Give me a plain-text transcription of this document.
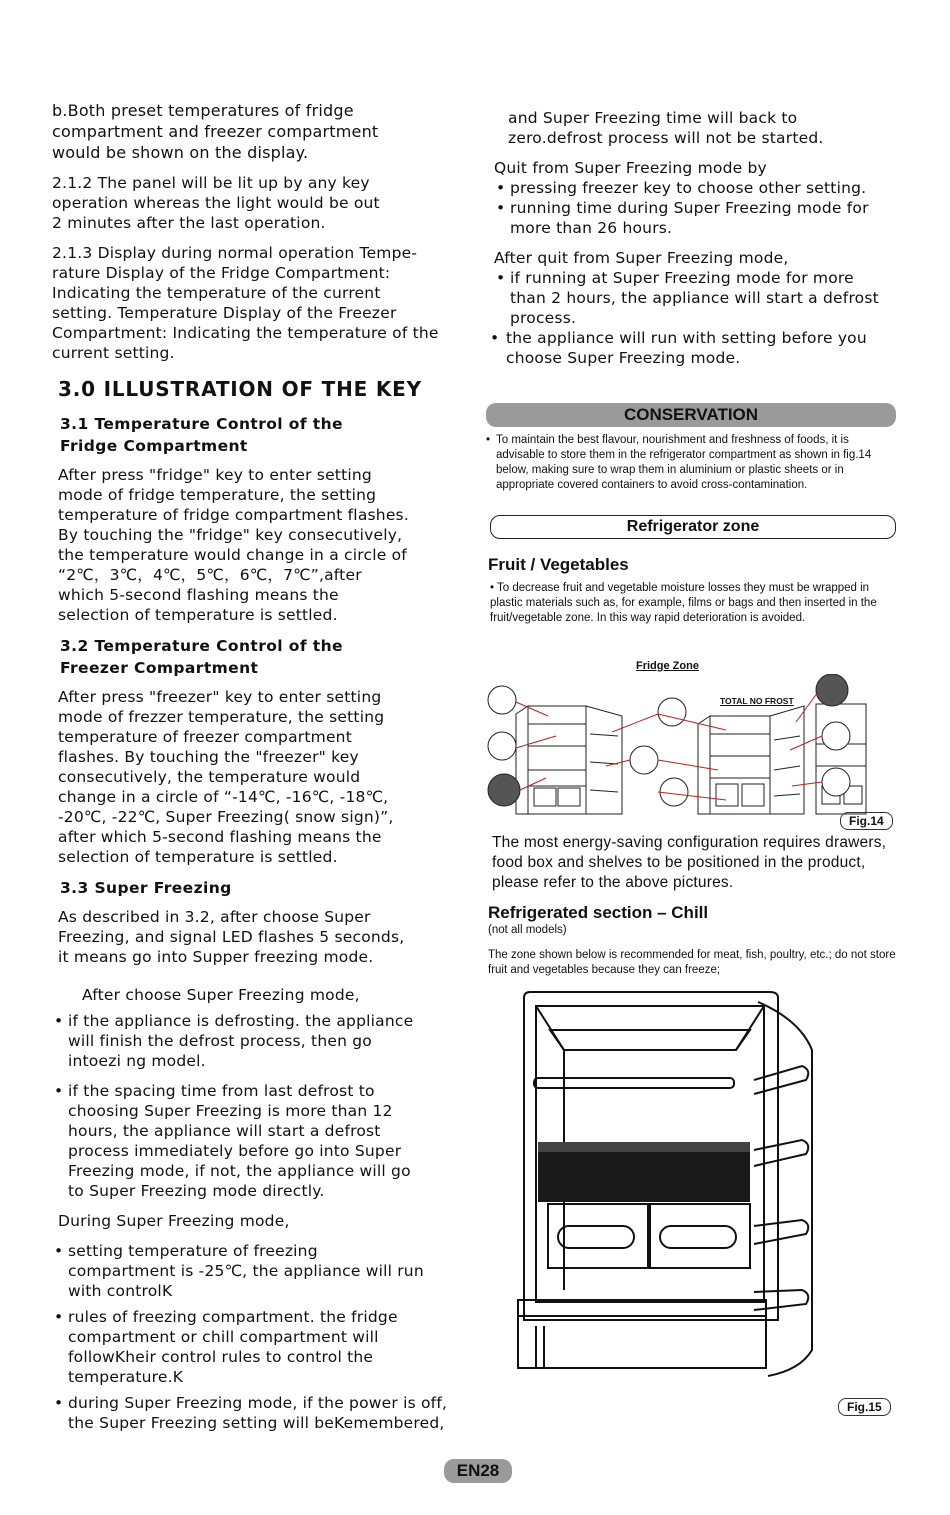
b.Both preset temperatures of fridge compartment and freezer compartment would be shown on the display.

2.1.2 The panel will be lit up by any key operation whereas the light would be out 2 minutes after the last operation.

2.1.3 Display during normal operation Tempe-rature Display of the Fridge Compartment: Indicating the temperature of the current setting. Temperature Display of the Freezer Compartment: Indicating the temperature of the current setting.

3.0 ILLUSTRATION OF THE KEY
3.1 Temperature Control of the Fridge Compartment

After press "fridge" key to enter setting mode of fridge temperature, the setting temperature of fridge compartment flashes. By touching the "fridge" key consecutively, the temperature would change in a circle of “2℃，3℃，4℃，5℃，6℃，7℃”,after which 5-second flashing means the selection of temperature is settled.

3.2 Temperature Control of the Freezer Compartment

After press "freezer" key to enter setting mode of frezzer temperature, the setting temperature of freezer compartment flashes. By touching the "freezer" key consecutively, the temperature would change in a circle of “-14℃, -16℃, -18℃, -20℃, -22℃, Super Freezing( snow sign)”, after which 5-second flashing means the selection of temperature is settled.

3.3 Super Freezing

As described in 3.2, after choose Super Freezing, and signal LED flashes 5 seconds, it means go into Supper freezing mode.

After choose Super Freezing mode,

• if the appliance is defrosting. the appliance will finish the defrost process, then go intoezi ng model.
• if the spacing time from last defrost to choosing Super Freezing is more than 12 hours, the appliance will start a defrost process immediately before go into Super Freezing mode, if not, the appliance will go to Super Freezing mode directly.

During Super Freezing mode,

• setting temperature of freezing compartment is -25℃, the appliance will run with controlK
• rules of freezing compartment. the fridge compartment or chill compartment will followKheir control rules to control the temperature.K
• during Super Freezing mode, if the power is off, the Super Freezing setting will beKemembered,

and Super Freezing time will back to zero.defrost process will not be started.

Quit from Super Freezing mode by

• pressing freezer key to choose other setting.
• running time during Super Freezing mode for more than 26 hours.

After quit from Super Freezing mode,

• if running at Super Freezing mode for more than 2 hours, the appliance will start a defrost process.
• the appliance will run with setting before you choose Super Freezing mode.
CONSERVATION
• To maintain the best flavour, nourishment and freshness of foods, it is advisable to store them in the refrigerator compartment as shown in fig.14 below, making sure to wrap them in aluminium or plastic sheets or in appropriate covered containers to avoid cross-contamination.
Refrigerator zone
Fruit / Vegetables
• To decrease fruit and vegetable moisture losses they must be wrapped in plastic materials such as, for example, films or bags and then inserted in the fruit/vegetable zone. In this way rapid deterioration is avoided.
Fridge Zone
TOTAL NO FROST
Fig.14

The most energy-saving configuration requires drawers, food box and shelves to be positioned in the product, please refer to the above pictures.

Refrigerated section – Chill
(not all models)
The zone shown below is recommended for meat, fish, poultry, etc.; do not store fruit and vegetables because they can freeze;
Fig.15
EN28
